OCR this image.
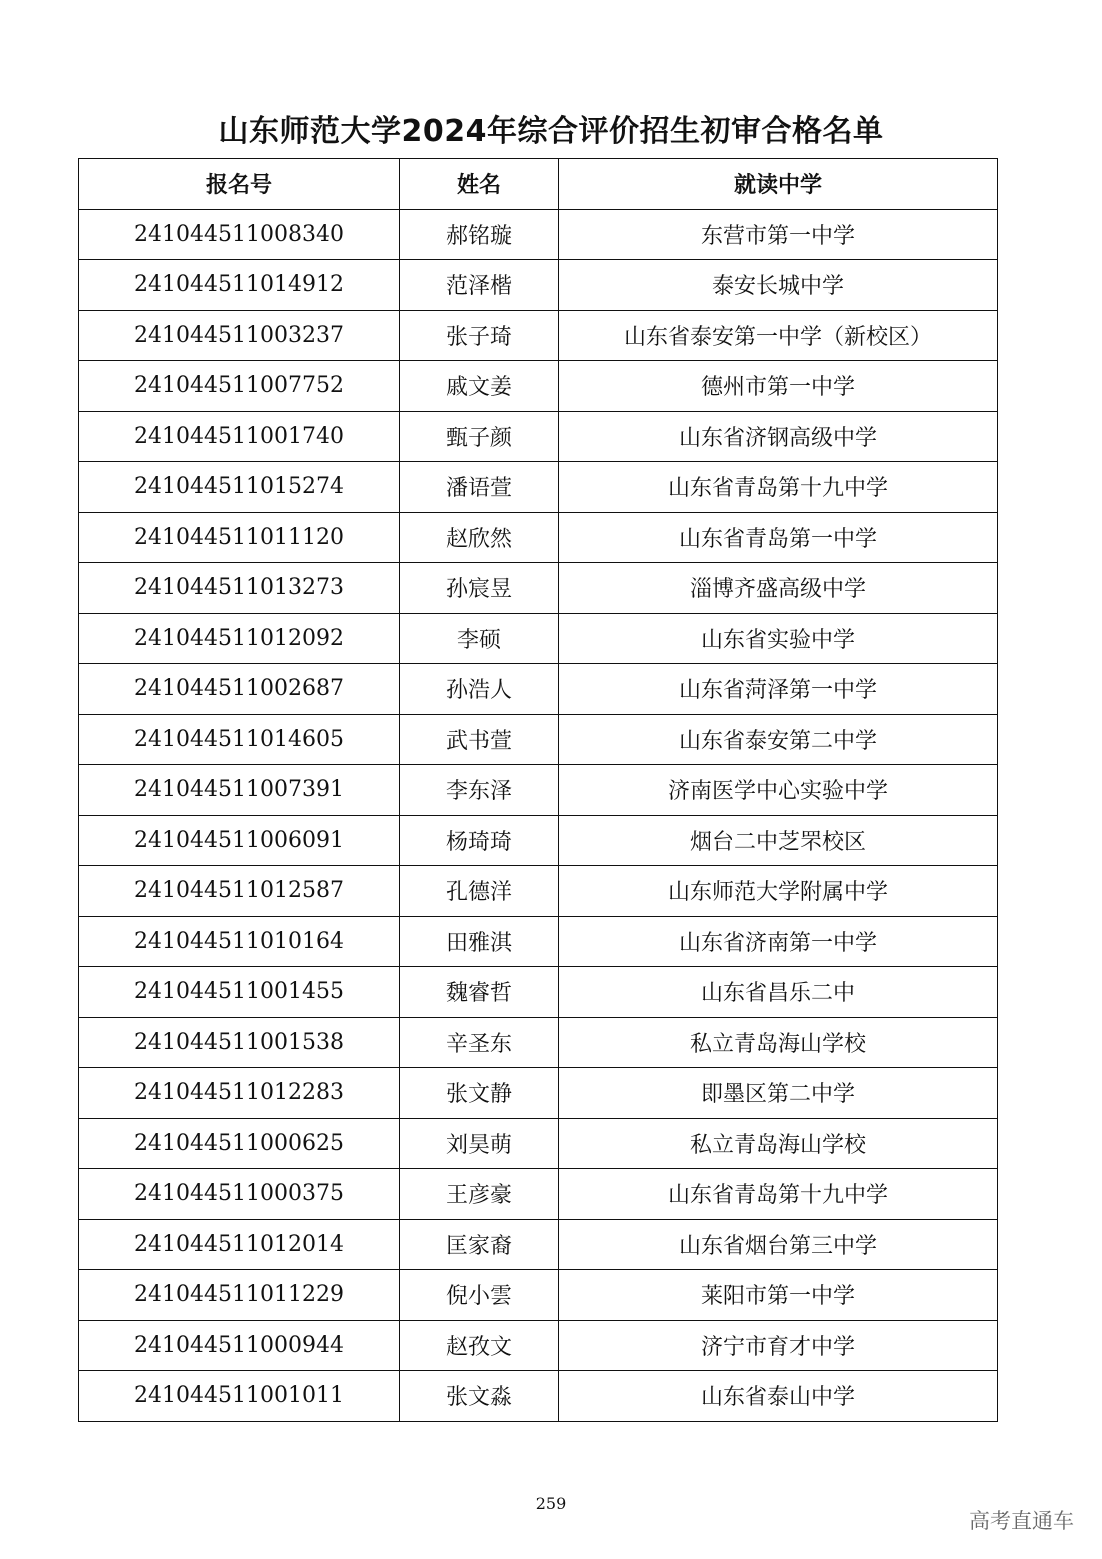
山东师范大学2024年综合评价招生初审合格名单
报名号	姓名	就读中学
241044511008340	郝铭璇	东营市第一中学
241044511014912	范泽楷	泰安长城中学
241044511003237	张子琦	山东省泰安第一中学（新校区）
241044511007752	戚文姜	德州市第一中学
241044511001740	甄子颜	山东省济钢高级中学
241044511015274	潘语萱	山东省青岛第十九中学
241044511011120	赵欣然	山东省青岛第一中学
241044511013273	孙宸昱	淄博齐盛高级中学
241044511012092	李硕	山东省实验中学
241044511002687	孙浩人	山东省菏泽第一中学
241044511014605	武书萱	山东省泰安第二中学
241044511007391	李东泽	济南医学中心实验中学
241044511006091	杨琦琦	烟台二中芝罘校区
241044511012587	孔德洋	山东师范大学附属中学
241044511010164	田雅淇	山东省济南第一中学
241044511001455	魏睿哲	山东省昌乐二中
241044511001538	辛圣东	私立青岛海山学校
241044511012283	张文静	即墨区第二中学
241044511000625	刘昊萌	私立青岛海山学校
241044511000375	王彦豪	山东省青岛第十九中学
241044511012014	匡家裔	山东省烟台第三中学
241044511011229	倪小雲	莱阳市第一中学
241044511000944	赵孜文	济宁市育才中学
241044511001011	张文淼	山东省泰山中学
259
高考直通车
